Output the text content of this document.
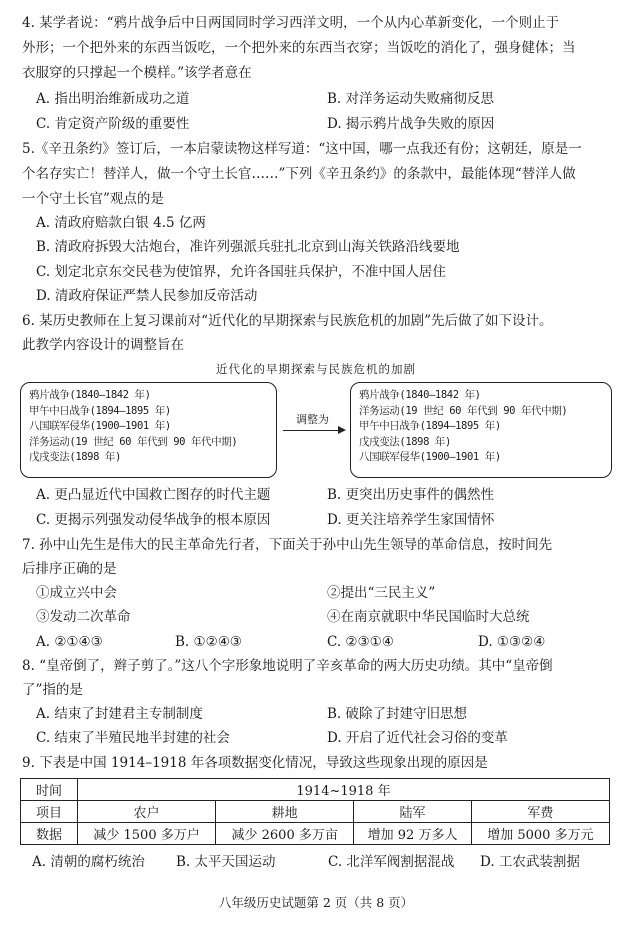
4. 某学者说：“鸦片战争后中日两国同时学习西洋文明，一个从内心革新变化，一个则止于
外形；一个把外来的东西当饭吃，一个把外来的东西当衣穿；当饭吃的消化了，强身健体；当
衣服穿的只撑起一个模样。”该学者意在
A. 指出明治维新成功之道	B. 对洋务运动失败痛彻反思
C. 肯定资产阶级的重要性	D. 揭示鸦片战争失败的原因
5.《辛丑条约》签订后，一本启蒙读物这样写道：“这中国，哪一点我还有份；这朝廷，原是一
个名存实亡！替洋人，做一个守土长官……”下列《辛丑条约》的条款中，最能体现“替洋人做
一个守土长官”观点的是
A. 清政府赔款白银 4.5 亿两
B. 清政府拆毁大沽炮台，准许列强派兵驻扎北京到山海关铁路沿线要地
C. 划定北京东交民巷为使馆界，允许各国驻兵保护，不准中国人居住
D. 清政府保证严禁人民参加反帝活动
6. 某历史教师在上复习课前对“近代化的早期探索与民族危机的加剧”先后做了如下设计。
此教学内容设计的调整旨在
近代化的早期探索与民族危机的加剧
鸦片战争(1840–1842 年)
甲午中日战争(1894–1895 年)
八国联军侵华(1900–1901 年)
洋务运动(19 世纪 60 年代到 90 年代中期)
戊戌变法(1898 年)
调整为
鸦片战争(1840–1842 年)
洋务运动(19 世纪 60 年代到 90 年代中期)
甲午中日战争(1894–1895 年)
戊戌变法(1898 年)
八国联军侵华(1900–1901 年)
A. 更凸显近代中国救亡图存的时代主题	B. 更突出历史事件的偶然性
C. 更揭示列强发动侵华战争的根本原因	D. 更关注培养学生家国情怀
7. 孙中山先生是伟大的民主革命先行者，下面关于孙中山先生领导的革命信息，按时间先
后排序正确的是
①成立兴中会	②提出“三民主义”
③发动二次革命	④在南京就职中华民国临时大总统
A. ②①④③	B. ①②④③	C. ②③①④	D. ①③②④
8. “皇帝倒了，辫子剪了。”这八个字形象地说明了辛亥革命的两大历史功绩。其中“皇帝倒
了”指的是
A. 结束了封建君主专制制度	B. 破除了封建守旧思想
C. 结束了半殖民地半封建的社会	D. 开启了近代社会习俗的变革
9. 下表是中国 1914–1918 年各项数据变化情况，导致这些现象出现的原因是
时间	1914~1918 年			
项目	农户	耕地	陆军	军费
数据	减少 1500 多万户	减少 2600 多万亩	增加 92 万多人	增加 5000 多万元
A. 清朝的腐朽统治 B. 太平天国运动	C. 北洋军阀割据混战 D. 工农武装割据
八年级历史试题第 2 页（共 8 页）
